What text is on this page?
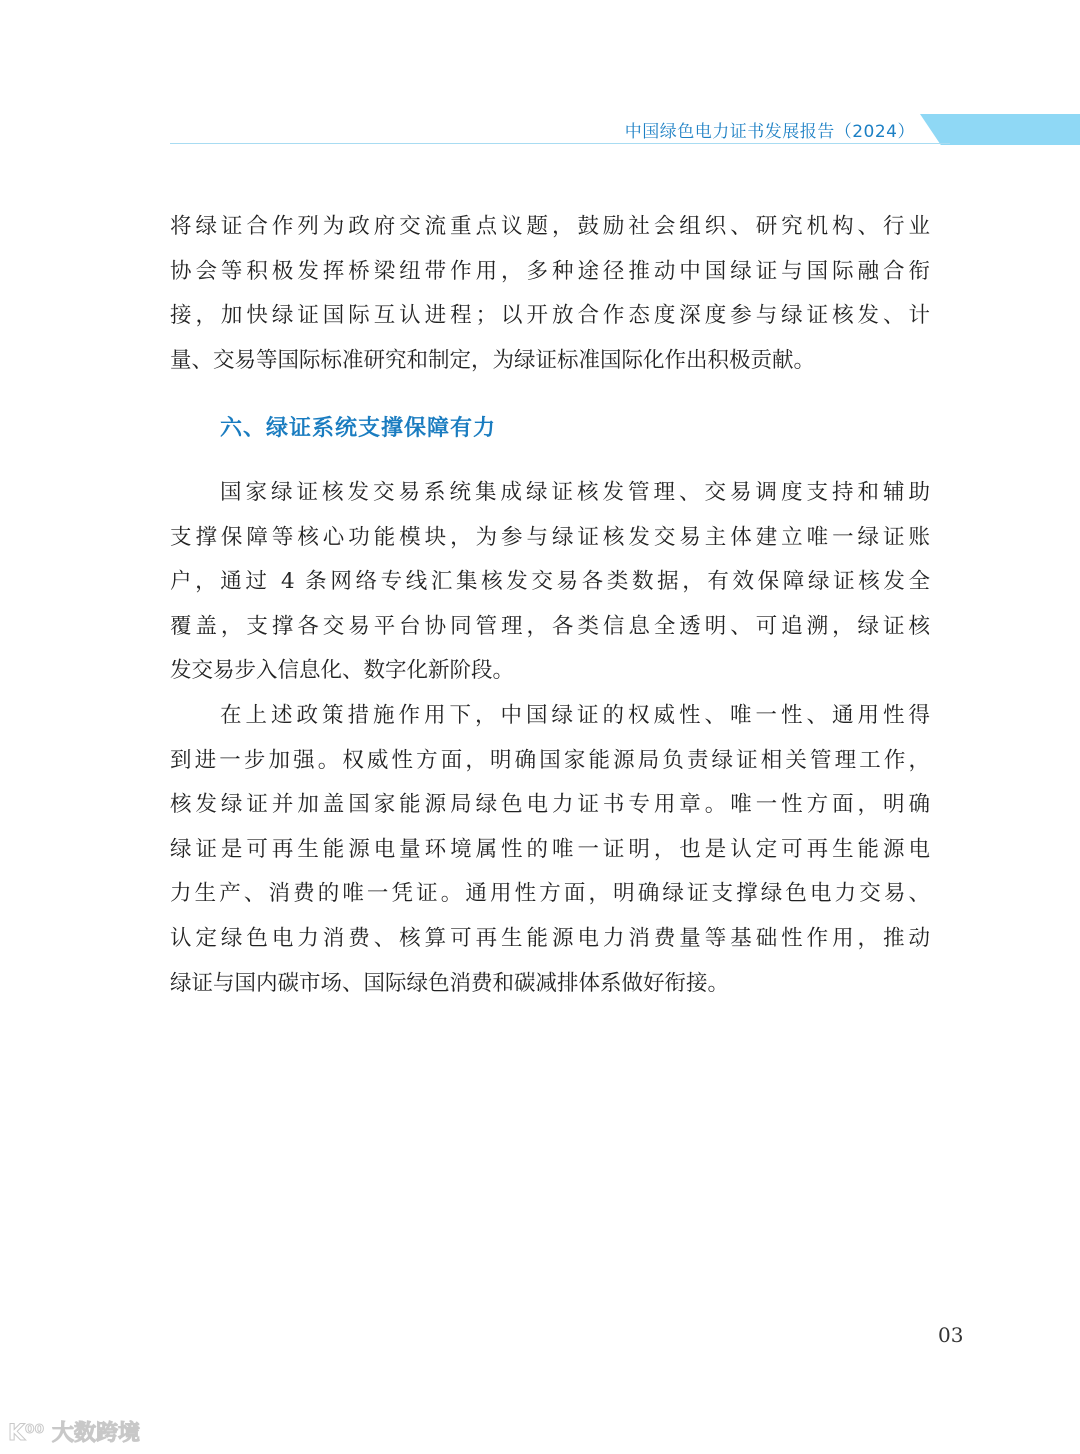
中国绿色电力证书发展报告（2024）
将绿证合作列为政府交流重点议题，鼓励社会组织、研究机构、行业
协会等积极发挥桥梁纽带作用，多种途径推动中国绿证与国际融合衔
接，加快绿证国际互认进程；以开放合作态度深度参与绿证核发、计
量、交易等国际标准研究和制定，为绿证标准国际化作出积极贡献。
六、绿证系统支撑保障有力
国家绿证核发交易系统集成绿证核发管理、交易调度支持和辅助
支撑保障等核心功能模块，为参与绿证核发交易主体建立唯一绿证账
户，通过 4 条网络专线汇集核发交易各类数据，有效保障绿证核发全
覆盖，支撑各交易平台协同管理，各类信息全透明、可追溯，绿证核
发交易步入信息化、数字化新阶段。
在上述政策措施作用下，中国绿证的权威性、唯一性、通用性得
到进一步加强。权威性方面，明确国家能源局负责绿证相关管理工作，
核发绿证并加盖国家能源局绿色电力证书专用章。唯一性方面，明确
绿证是可再生能源电量环境属性的唯一证明，也是认定可再生能源电
力生产、消费的唯一凭证。通用性方面，明确绿证支撑绿色电力交易、
认定绿色电力消费、核算可再生能源电力消费量等基础性作用，推动
绿证与国内碳市场、国际绿色消费和碳减排体系做好衔接。
03
K⁰⁰ 大数跨境
